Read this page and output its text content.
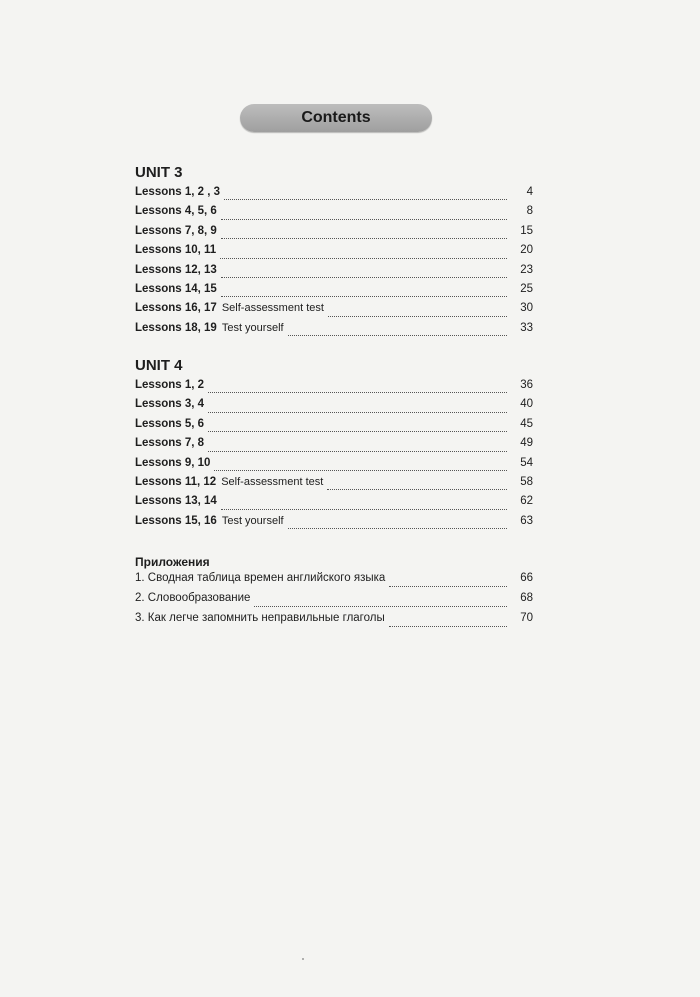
Contents
UNIT 3
Lessons 1, 2 , 3	4
Lessons 4, 5, 6	8
Lessons 7, 8, 9	15
Lessons 10, 11	20
Lessons 12, 13	23
Lessons 14, 15	25
Lessons 16, 17 Self-assessment test	30
Lessons 18, 19 Test yourself	33
UNIT 4
Lessons 1, 2	36
Lessons 3, 4	40
Lessons 5, 6	45
Lessons 7, 8	49
Lessons 9, 10	54
Lessons 11, 12 Self-assessment test	58
Lessons 13, 14	62
Lessons 15, 16 Test yourself	63
Приложения
1. Сводная таблица времен английского языка	66
2. Словообразование	68
3. Как легче запомнить неправильные глаголы	70
